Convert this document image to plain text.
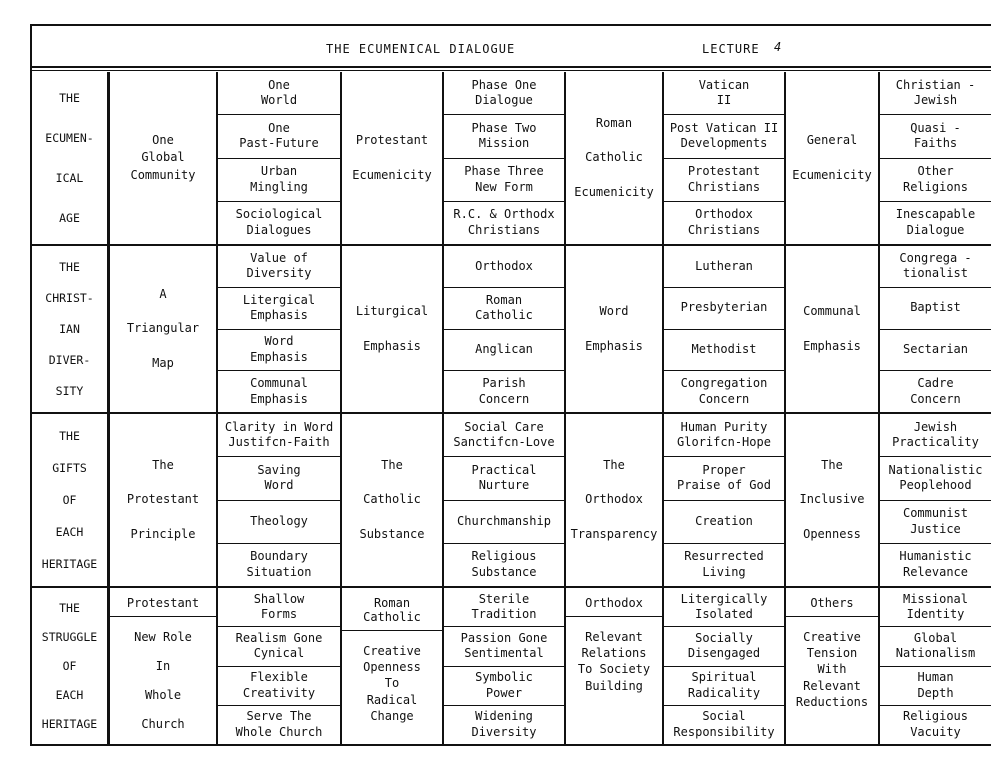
THE ECUMENICAL DIALOGUE	LECTURE 4
THE
ECUMEN-
ICAL
AGE
One
Global
Community
One
World
One
Past-Future
Urban
Mingling
Sociological
Dialogues
Protestant

Ecumenicity
Phase One
Dialogue
Phase Two
Mission
Phase Three
New Form
R.C. & Orthodx
Christians
Roman

Catholic

Ecumenicity
Vatican
II
Post Vatican II
Developments
Protestant
Christians
Orthodox
Christians
General

Ecumenicity
Christian -
Jewish
Quasi -
Faiths
Other
Religions
Inescapable
Dialogue
THE
CHRIST-
IAN
DIVER-
SITY
A

Triangular

Map
Value of
Diversity
Litergical
Emphasis
Word
Emphasis
Communal
Emphasis
Liturgical

Emphasis
Orthodox
Roman
Catholic
Anglican
Parish
Concern
Word

Emphasis
Lutheran
Presbyterian
Methodist
Congregation
Concern
Communal

Emphasis
Congrega -
tionalist
Baptist
Sectarian
Cadre
Concern
THE
GIFTS
OF
EACH
HERITAGE
The

Protestant

Principle
Clarity in Word
Justifcn-Faith
Saving
Word
Theology
Boundary
Situation
The

Catholic

Substance
Social Care
Sanctifcn-Love
Practical
Nurture
Churchmanship
Religious
Substance
The

Orthodox

Transparency
Human Purity
Glorifcn-Hope
Proper
Praise of God
Creation
Resurrected
Living
The

Inclusive

Openness
Jewish
Practicality
Nationalistic
Peoplehood
Communist
Justice
Humanistic
Relevance
THE
STRUGGLE
OF
EACH
HERITAGE
Protestant
New Role
In
Whole
Church
Shallow
Forms
Realism Gone
Cynical
Flexible
Creativity
Serve The
Whole Church
Roman
Catholic
Creative
Openness
To
Radical
Change
Sterile
Tradition
Passion Gone
Sentimental
Symbolic
Power
Widening
Diversity
Orthodox
Relevant
Relations
To Society
Building
Litergically
Isolated
Socially
Disengaged
Spiritual
Radicality
Social
Responsibility
Others
Creative
Tension
With
Relevant
Reductions
Missional
Identity
Global
Nationalism
Human
Depth
Religious
Vacuity
